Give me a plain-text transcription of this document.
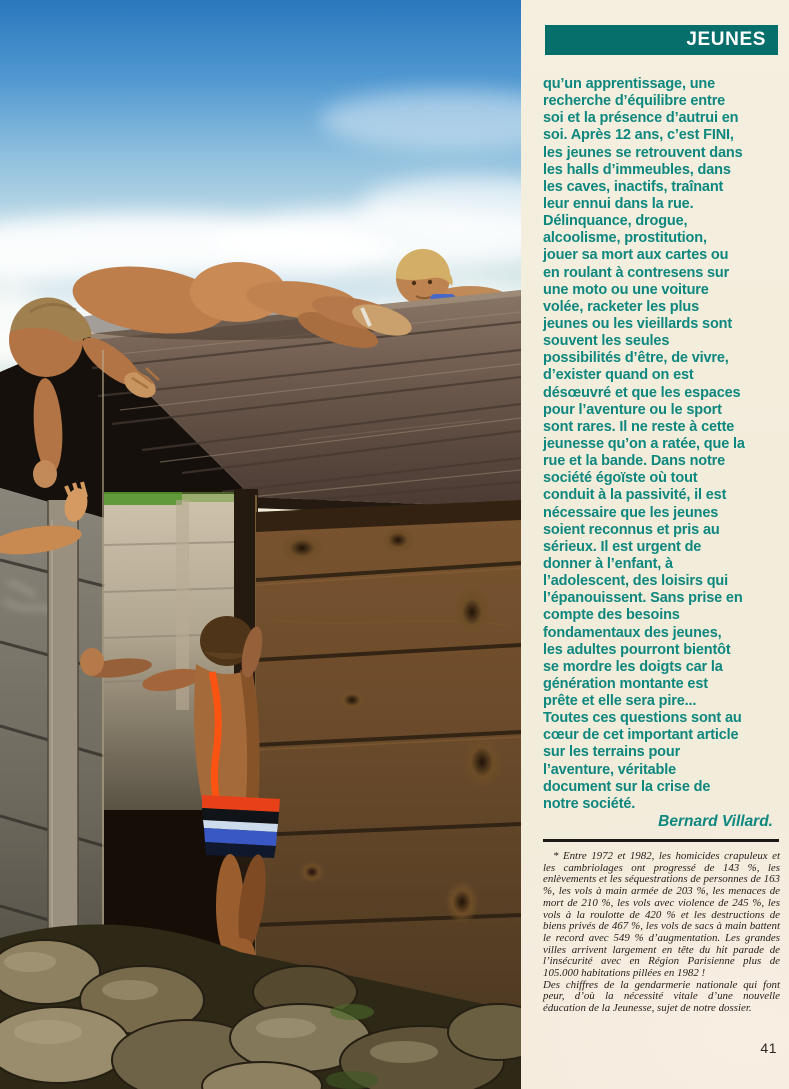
JEUNES
qu’un apprentissage, une
recherche d’équilibre entre
soi et la présence d’autrui en
soi. Après 12 ans, c’est FINI,
les jeunes se retrouvent dans
les halls d’immeubles, dans
les caves, inactifs, traînant
leur ennui dans la rue.
Délinquance, drogue,
alcoolisme, prostitution,
jouer sa mort aux cartes ou
en roulant à contresens sur
une moto ou une voiture
volée, racketer les plus
jeunes ou les vieillards sont
souvent les seules
possibilités d’être, de vivre,
d’exister quand on est
désœuvré et que les espaces
pour l’aventure ou le sport
sont rares. Il ne reste à cette
jeunesse qu’on a ratée, que la
rue et la bande. Dans notre
société égoïste où tout
conduit à la passivité, il est
nécessaire que les jeunes
soient reconnus et pris au
sérieux. Il est urgent de
donner à l’enfant, à
l’adolescent, des loisirs qui
l’épanouissent. Sans prise en
compte des besoins
fondamentaux des jeunes,
les adultes pourront bientôt
se mordre les doigts car la
génération montante est
prête et elle sera pire...
Toutes ces questions sont au
cœur de cet important article
sur les terrains pour
l’aventure, véritable
document sur la crise de
notre société.
Bernard Villard.

* Entre 1972 et 1982, les homicides crapuleux et les cambriolages ont progressé de 143 %, les enlèvements et les séquestrations de personnes de 163 %, les vols à main armée de 203 %, les menaces de mort de 210 %, les vols avec violence de 245 %, les vols à la roulotte de 420 % et les destructions de biens privés de 467 %, les vols de sacs à main battent le record avec 549 % d’augmentation. Les grandes villes arrivent largement en tête du hit parade de l’insécurité avec en Région Parisienne plus de 105.000 habitations pillées en 1982 !

Des chiffres de la gendarmerie nationale qui font peur, d’où la nécessité vitale d’une nouvelle éducation de la Jeunesse, sujet de notre dossier.

41
